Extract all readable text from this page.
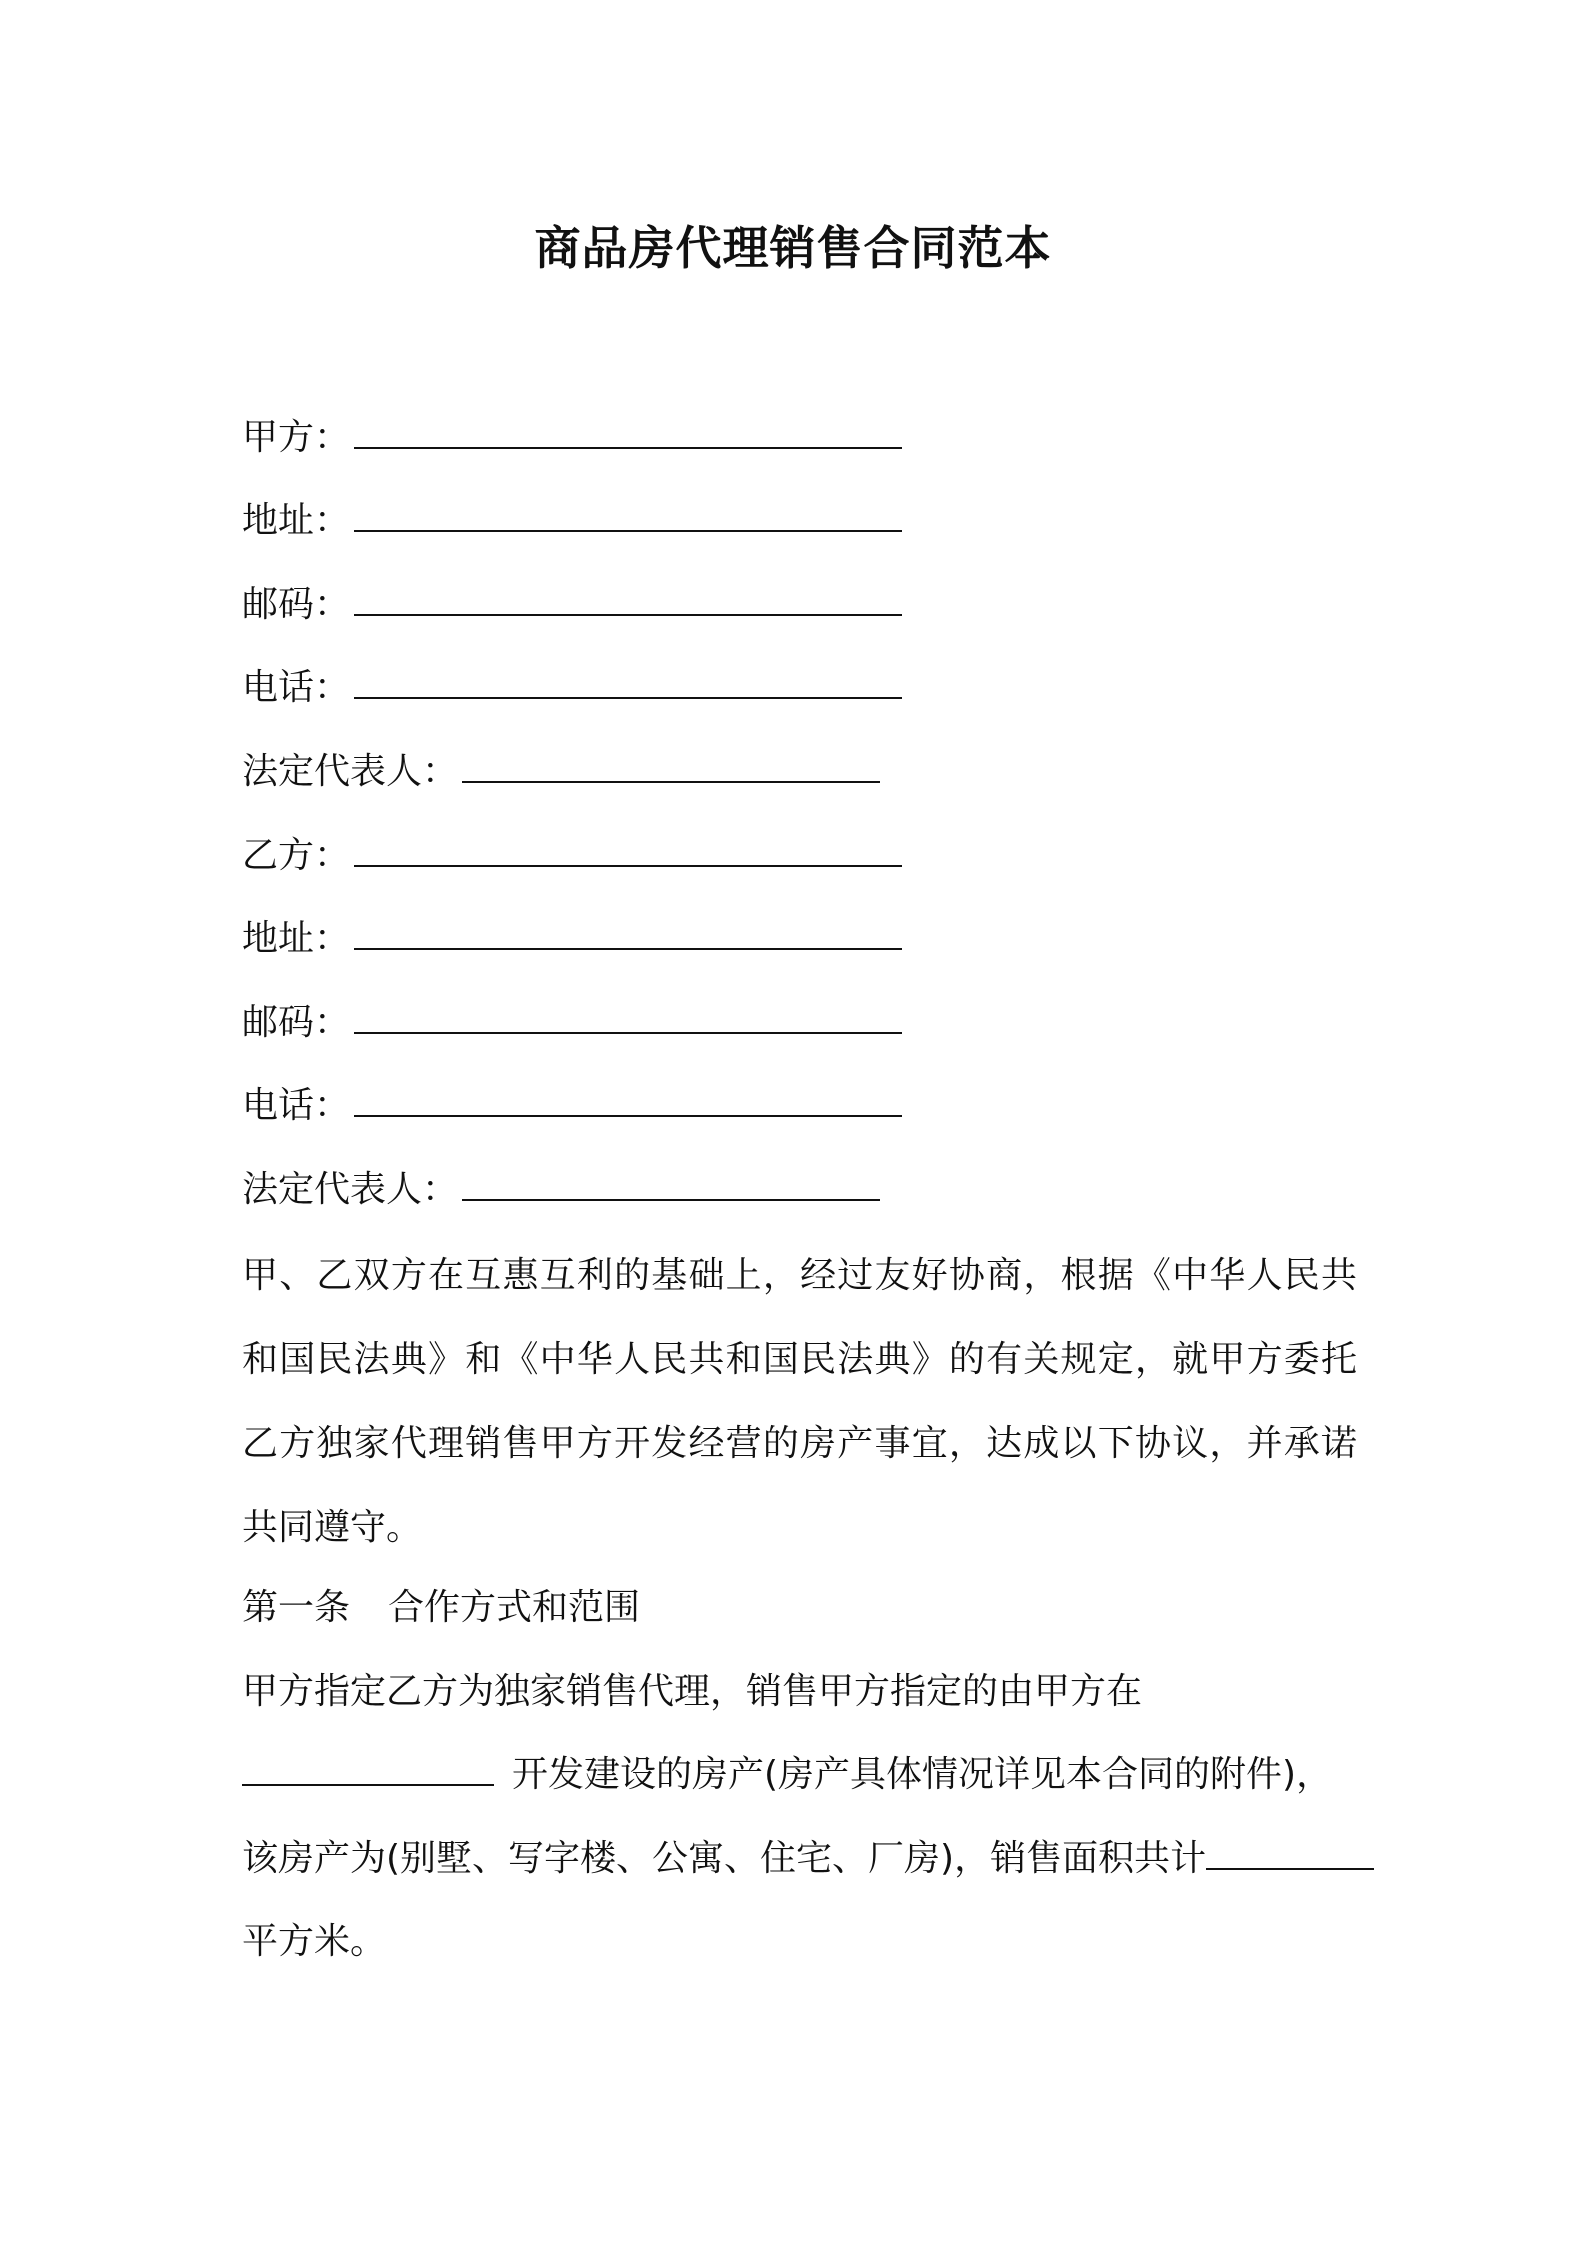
商品房代理销售合同范本
甲方：
地址：
邮码：
电话：
法定代表人：
乙方：
地址：
邮码：
电话：
法定代表人：
甲、乙双方在互惠互利的基础上，经过友好协商，根据《中华人民共和国民法典》和《中华人民共和国民法典》的有关规定，就甲方委托乙方独家代理销售甲方开发经营的房产事宜，达成以下协议，并承诺共同遵守。
第一条 合作方式和范围
甲方指定乙方为独家销售代理，销售甲方指定的由甲方在
开发建设的房产(房产具体情况详见本合同的附件)，
该房产为(别墅、写字楼、公寓、住宅、厂房)，销售面积共计
平方米。
